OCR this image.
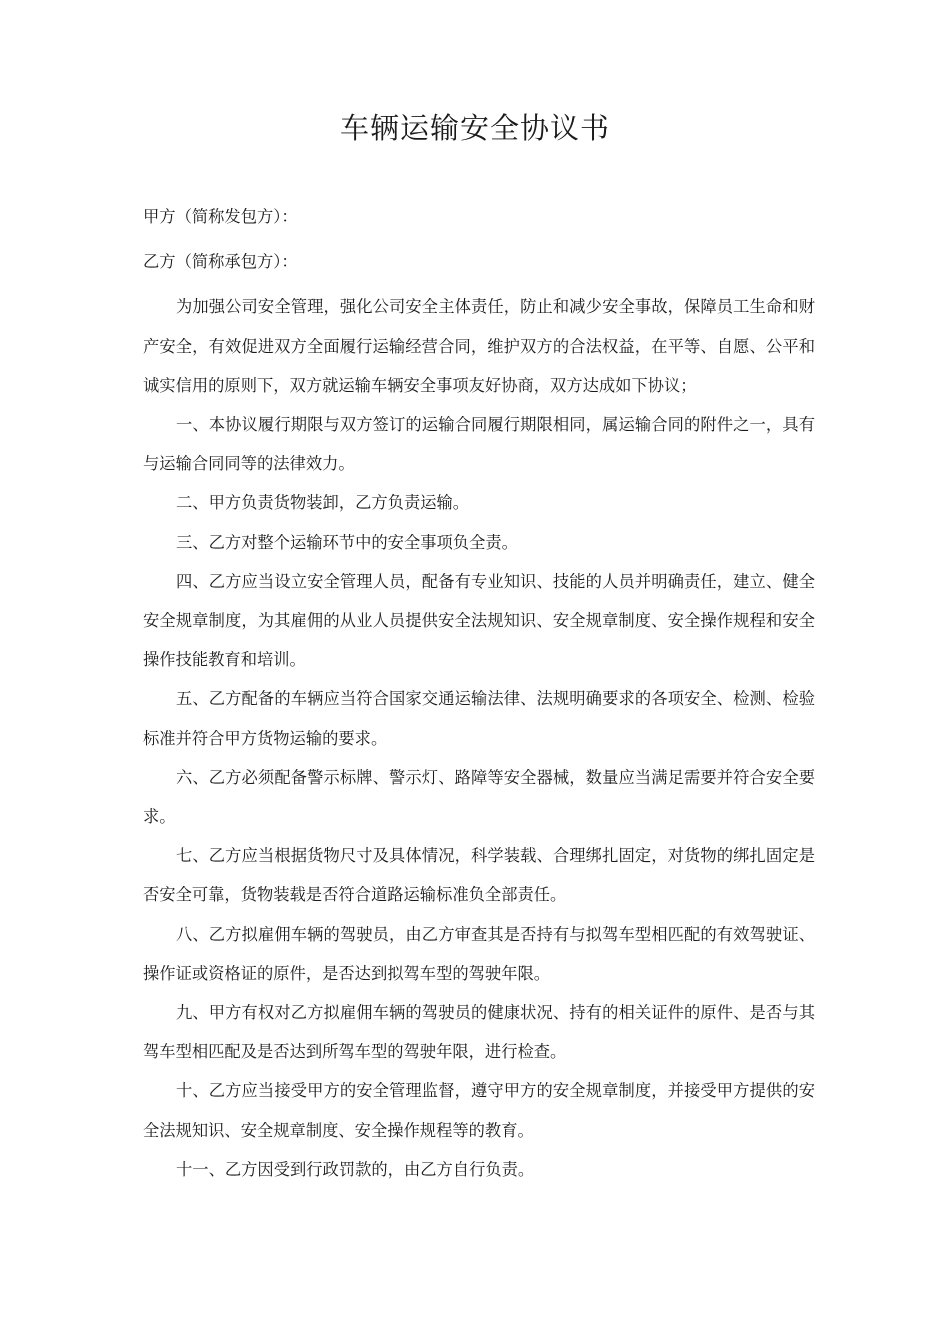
车辆运输安全协议书

甲方（简称发包方）：

乙方（简称承包方）：

为加强公司安全管理，强化公司安全主体责任，防止和减少安全事故，保障员工生命和财产安全，有效促进双方全面履行运输经营合同，维护双方的合法权益，在平等、自愿、公平和诚实信用的原则下，双方就运输车辆安全事项友好协商，双方达成如下协议；

一、本协议履行期限与双方签订的运输合同履行期限相同，属运输合同的附件之一，具有与运输合同同等的法律效力。

二、甲方负责货物装卸，乙方负责运输。

三、乙方对整个运输环节中的安全事项负全责。

四、乙方应当设立安全管理人员，配备有专业知识、技能的人员并明确责任，建立、健全安全规章制度，为其雇佣的从业人员提供安全法规知识、安全规章制度、安全操作规程和安全操作技能教育和培训。

五、乙方配备的车辆应当符合国家交通运输法律、法规明确要求的各项安全、检测、检验标准并符合甲方货物运输的要求。

六、乙方必须配备警示标牌、警示灯、路障等安全器械，数量应当满足需要并符合安全要求。

七、乙方应当根据货物尺寸及具体情况，科学装载、合理绑扎固定，对货物的绑扎固定是否安全可靠，货物装载是否符合道路运输标准负全部责任。

八、乙方拟雇佣车辆的驾驶员，由乙方审查其是否持有与拟驾车型相匹配的有效驾驶证、操作证或资格证的原件，是否达到拟驾车型的驾驶年限。

九、甲方有权对乙方拟雇佣车辆的驾驶员的健康状况、持有的相关证件的原件、是否与其驾车型相匹配及是否达到所驾车型的驾驶年限，进行检查。

十、乙方应当接受甲方的安全管理监督，遵守甲方的安全规章制度，并接受甲方提供的安全法规知识、安全规章制度、安全操作规程等的教育。

十一、乙方因受到行政罚款的，由乙方自行负责。
